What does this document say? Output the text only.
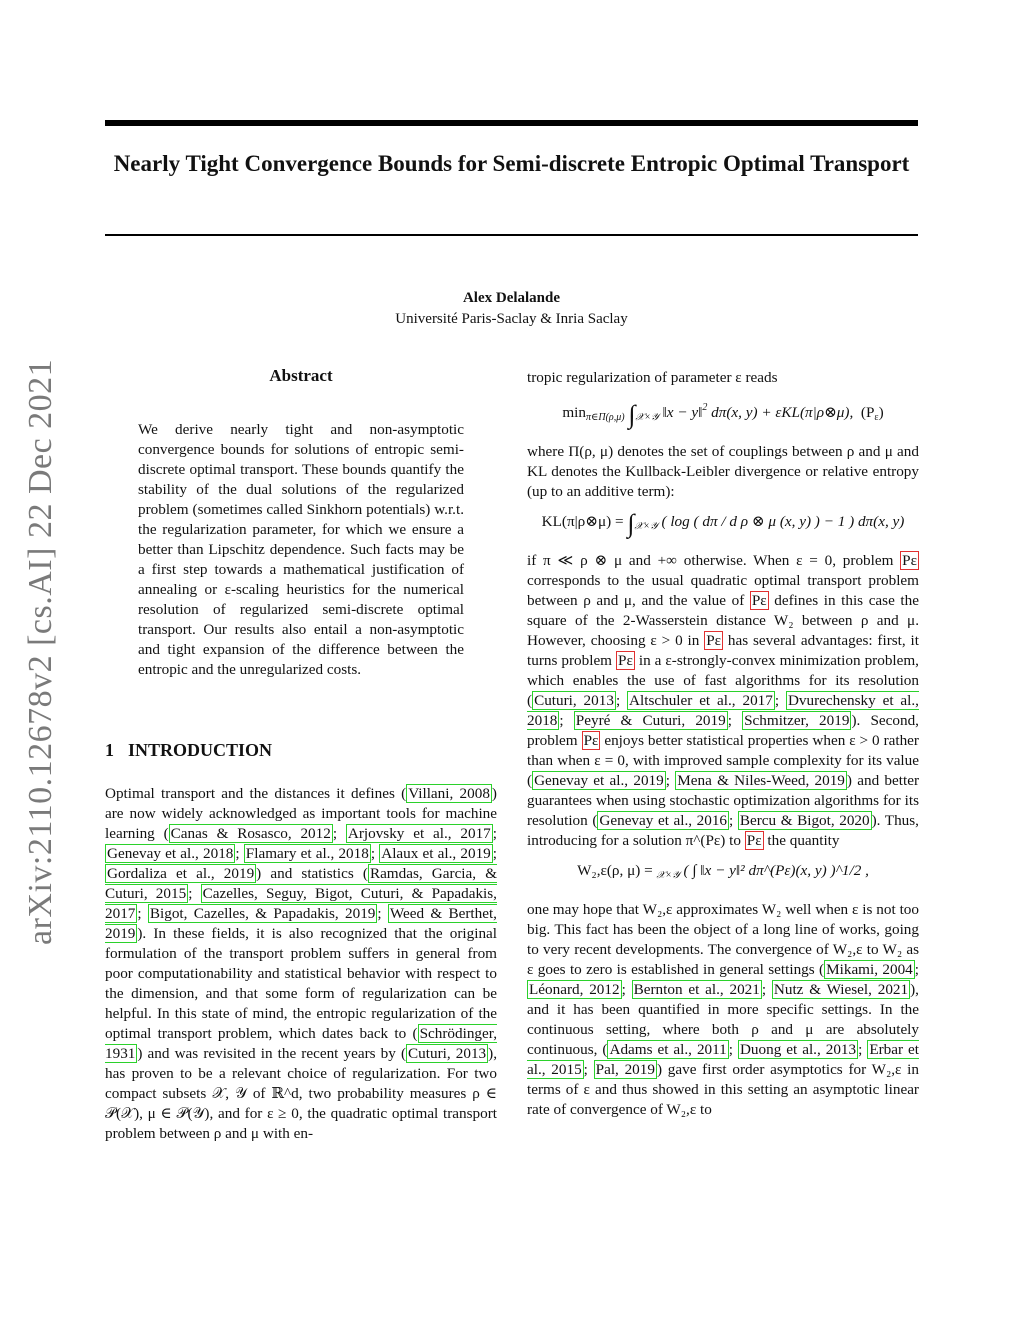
Nearly Tight Convergence Bounds for Semi-discrete Entropic Optimal Transport
Alex Delalande
Université Paris-Saclay & Inria Saclay
arXiv:2110.12678v2 [cs.AI] 22 Dec 2021	Abstract

We derive nearly tight and non-asymptotic convergence bounds for solutions of entropic semi-discrete optimal transport. These bounds quantify the stability of the dual solutions of the regularized problem (sometimes called Sinkhorn potentials) w.r.t. the regularization parameter, for which we ensure a better than Lipschitz dependence. Such facts may be a first step towards a mathematical justification of annealing or ε-scaling heuristics for the numerical resolution of regularized semi-discrete optimal transport. Our results also entail a non-asymptotic and tight expansion of the difference between the entropic and the unregularized costs.

1 INTRODUCTION

Optimal transport and the distances it defines ( Villani, 2008 ) are now widely acknowledged as important tools for machine learning ( Canas & Rosasco, 2012 ; Arjovsky et al., 2017 ; Genevay et al., 2018 ; Flamary et al., 2018 ; Alaux et al., 2019 ; Gordaliza et al., 2019 ) and statistics ( Ramdas, Garcia, & Cuturi, 2015 ; Cazelles, Seguy, Bigot, Cuturi, & Papadakis, 2017 ; Bigot, Cazelles, & Papadakis, 2019 ; Weed & Berthet, 2019 ). In these fields, it is also recognized that the original formulation of the transport problem suffers in general from poor computationability and statistical behavior with respect to the dimension, and that some form of regularization can be helpful. In this state of mind, the entropic regularization of the optimal transport problem, which dates back to ( Schrödinger, 1931 ) and was revisited in the recent years by ( Cuturi, 2013 ), has proven to be a relevant choice of regularization. For two compact subsets 𝒳, 𝒴 of ℝ^d, two probability measures ρ ∈ 𝒫(𝒳), μ ∈ 𝒫(𝒴), and for ε ≥ 0, the quadratic optimal transport problem between ρ and μ with en-

tropic regularization of parameter ε reads

$\min_{\pi\in\Pi(\rho,\mu)} \int_{𝒳\times 𝒴}$ ‖x − y‖$^2$ dπ(x, y) + εKL(π|ρ⊗μ), $(P_\varepsilon)$

where Π(ρ, μ) denotes the set of couplings between ρ and μ and KL denotes the Kullback-Leibler divergence or relative entropy (up to an additive term):

KL(π|ρ⊗μ) = $\int_{𝒳\times 𝒴}$ ( log ( dπ / d ρ ⊗ μ (x, y) ) − 1 ) dπ(x, y)

if π ≪ ρ ⊗ μ and +∞ otherwise. When ε = 0, problem Pε corresponds to the usual quadratic optimal transport problem between ρ and μ, and the value of Pε defines in this case the square of the 2-Wasserstein distance W₂ between ρ and μ. However, choosing ε > 0 in Pε has several advantages: first, it turns problem Pε in a ε-strongly-convex minimization problem, which enables the use of fast algorithms for its resolution ( Cuturi, 2013 ; Altschuler et al., 2017 ; Dvurechensky et al., 2018 ; Peyré & Cuturi, 2019 ; Schmitzer, 2019 ). Second, problem Pε enjoys better statistical properties when ε > 0 rather than when ε = 0, with improved sample complexity for its value ( Genevay et al., 2019 ; Mena & Niles-Weed, 2019 ) and better guarantees when using stochastic optimization algorithms for its resolution ( Genevay et al., 2016 ; Bercu & Bigot, 2020 ). Thus, introducing for a solution π^(Pε) to Pε the quantity

W₂,ε(ρ, μ) = $_{𝒳\times 𝒴}$ ( ∫ ‖x − y‖² dπ^(Pε)(x, y) )^1/2 ,

one may hope that W₂,ε approximates W₂ well when ε is not too big. This fact has been the object of a long line of works, going to very recent developments. The convergence of W₂,ε to W₂ as ε goes to zero is established in general settings ( Mikami, 2004 ; Léonard, 2012 ; Bernton et al., 2021 ; Nutz & Wiesel, 2021 ), and it has been quantified in more specific settings. In the continuous setting, where both ρ and μ are absolutely continuous, ( Adams et al., 2011 ; Duong et al., 2013 ; Erbar et al., 2015 ; Pal, 2019 ) gave first order asymptotics for W₂,ε in terms of ε and thus showed in this setting an asymptotic linear rate of convergence of W₂,ε to
